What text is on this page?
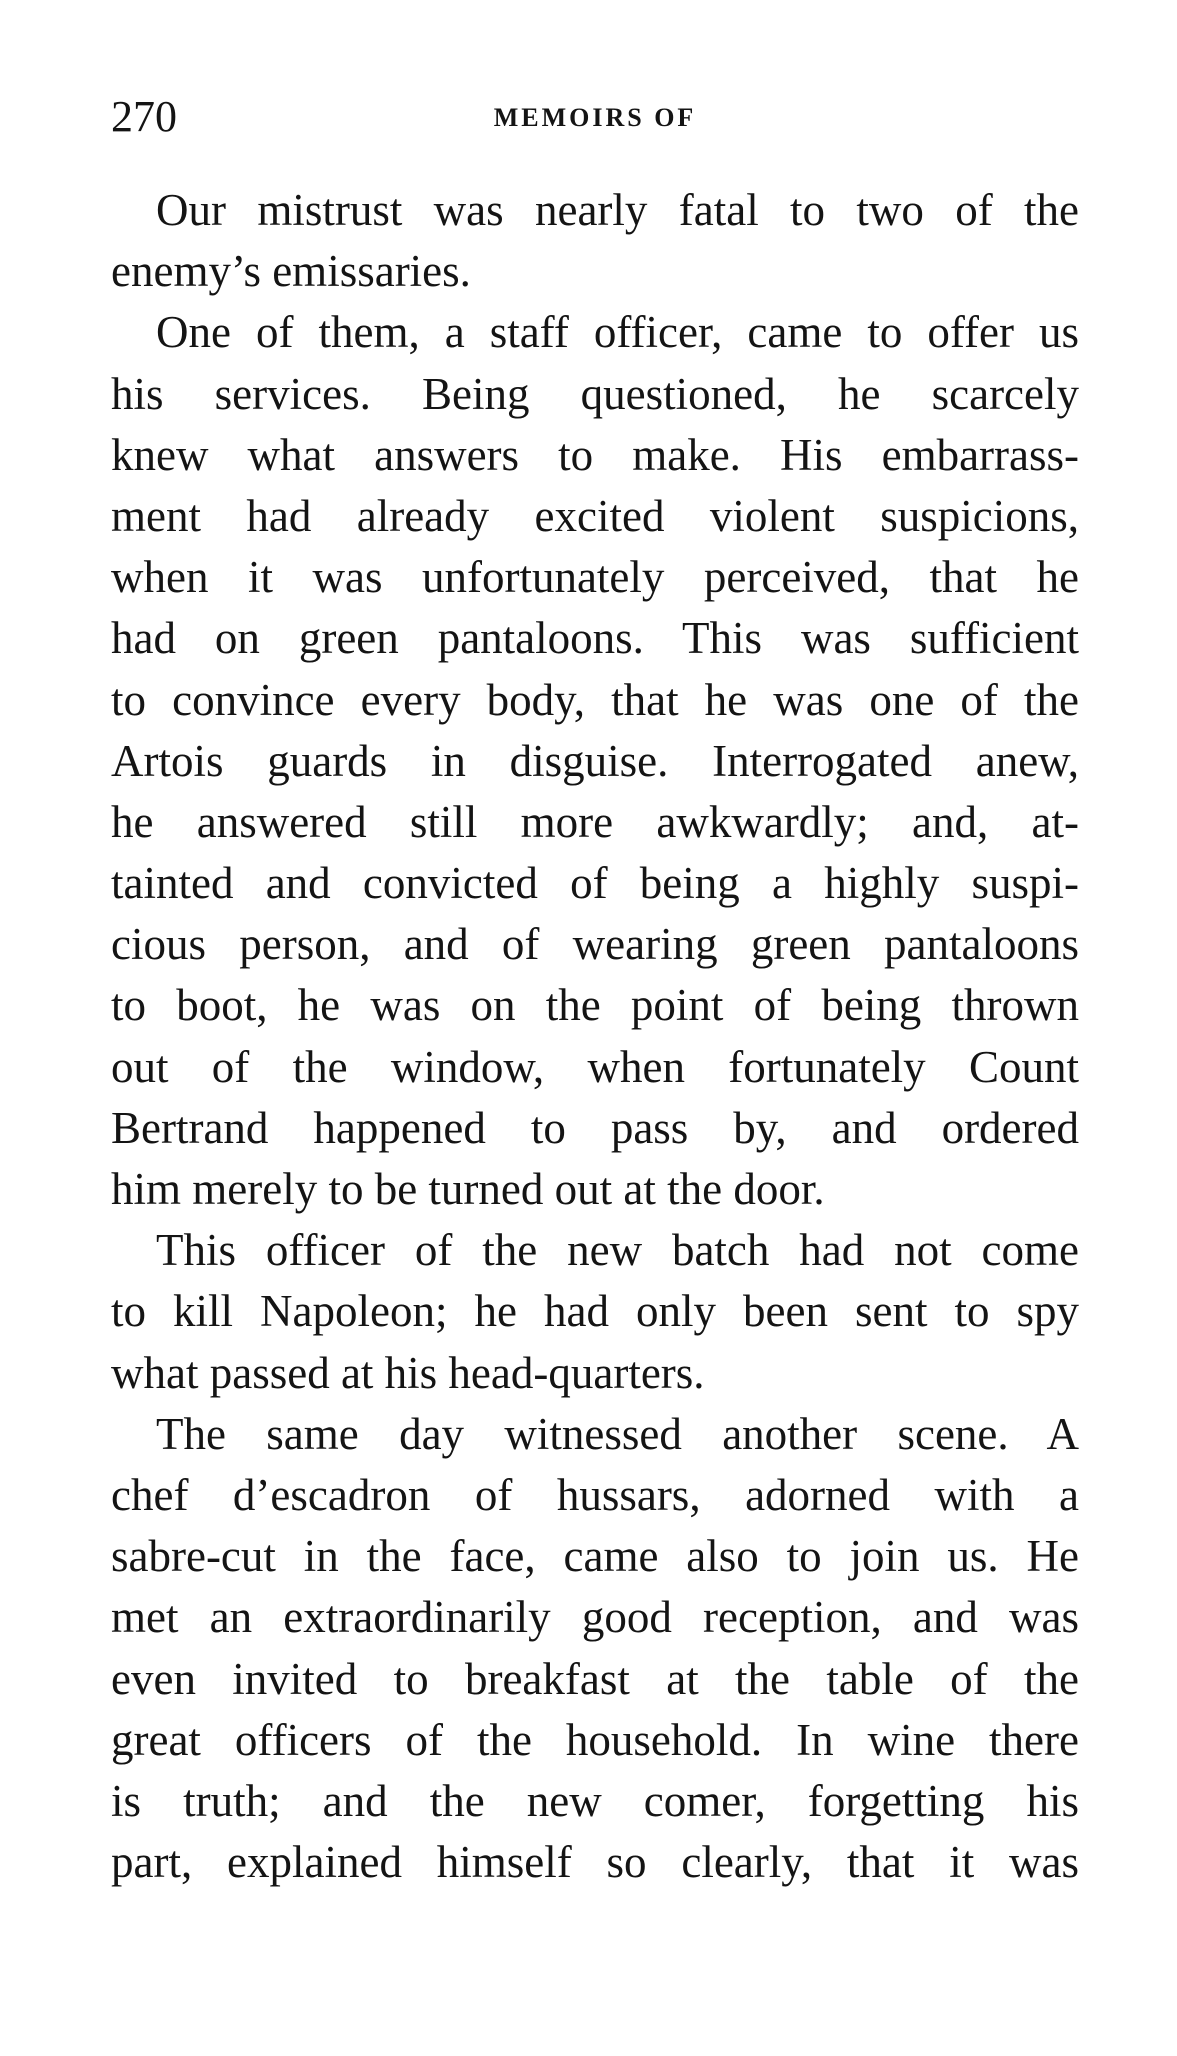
270	MEMOIRS OF
Our mistrust was nearly fatal to two of the
enemy’s emissaries.
One of them, a staff officer, came to offer us
his services. Being questioned, he scarcely
knew what answers to make. His embarrass-
ment had already excited violent suspicions,
when it was unfortunately perceived, that he
had on green pantaloons. This was sufficient
to convince every body, that he was one of the
Artois guards in disguise. Interrogated anew,
he answered still more awkwardly; and, at-
tainted and convicted of being a highly suspi-
cious person, and of wearing green pantaloons
to boot, he was on the point of being thrown
out of the window, when fortunately Count
Bertrand happened to pass by, and ordered
him merely to be turned out at the door.
This officer of the new batch had not come
to kill Napoleon; he had only been sent to spy
what passed at his head-quarters.
The same day witnessed another scene. A
chef d’escadron of hussars, adorned with a
sabre-cut in the face, came also to join us. He
met an extraordinarily good reception, and was
even invited to breakfast at the table of the
great officers of the household. In wine there
is truth; and the new comer, forgetting his
part, explained himself so clearly, that it was
